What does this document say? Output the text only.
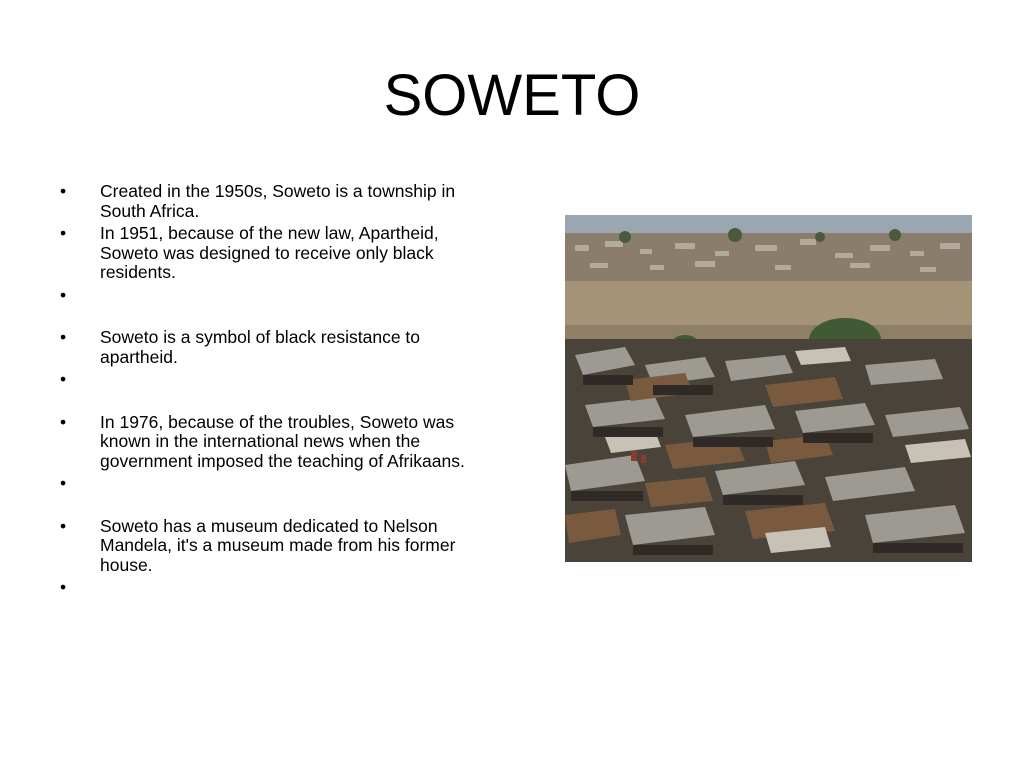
SOWETO
• Created in the 1950s, Soweto is a township in South Africa.
• In 1951, because of the new law, Apartheid, Soweto was designed to receive only black residents.
•
• Soweto is a symbol of black resistance to apartheid.
•
• In 1976, because of the troubles, Soweto was known in the international news when the government imposed the teaching of Afrikaans.
•
• Soweto has a museum dedicated to Nelson Mandela, it's a museum made from his former house.
•
